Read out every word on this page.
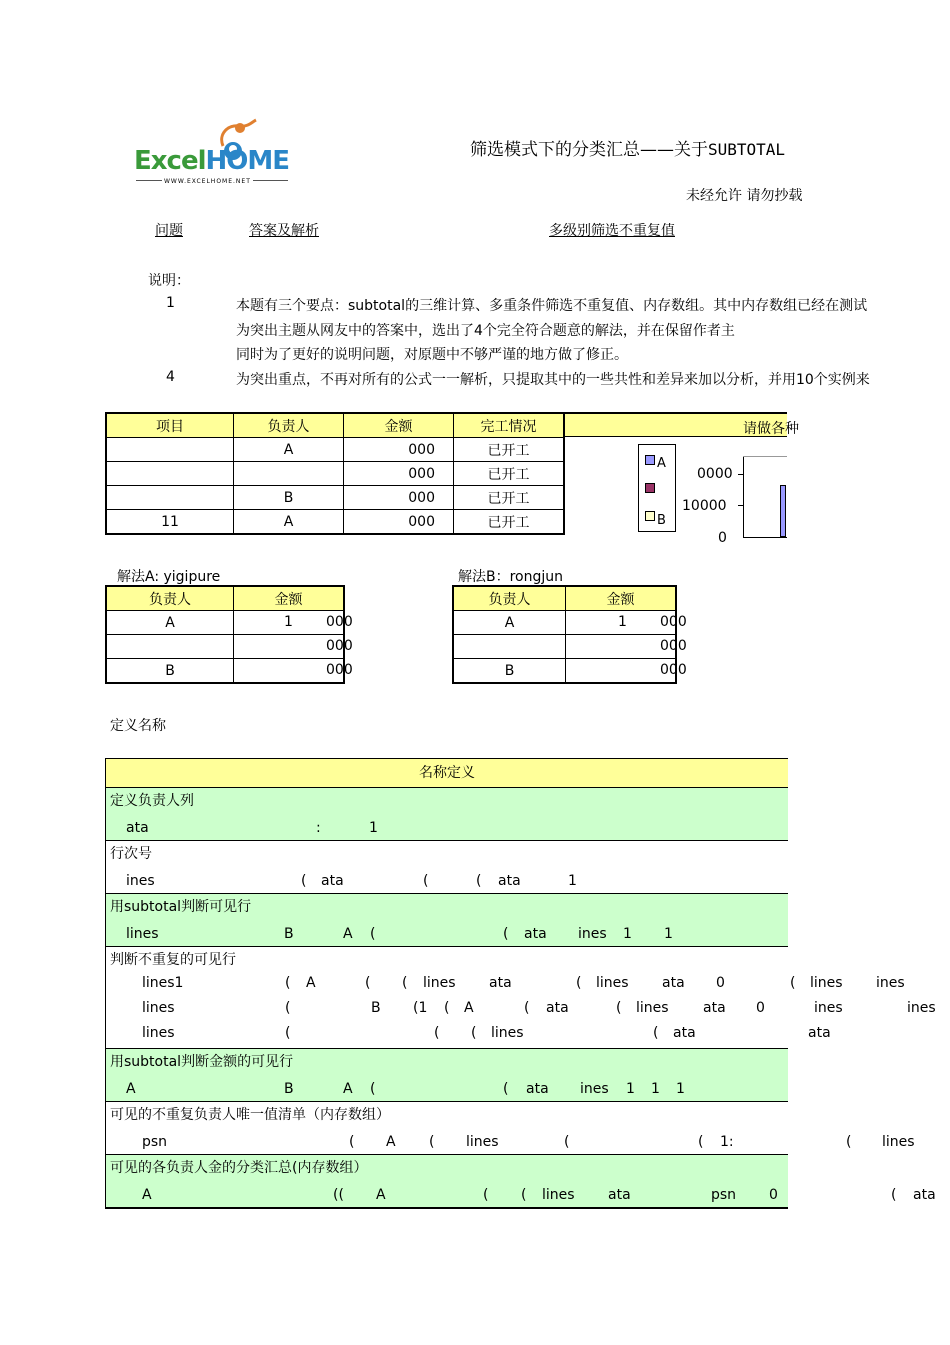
ExcelHOME
WWW.EXCELHOME.NET
筛选模式下的分类汇总——关于SUBTOTAL
未经允许 请勿抄载
问题	答案及解析	多级别筛选不重复值
说明：
1	本题有三个要点：subtotal的三维计算、多重条件筛选不重复值、内存数组。其中内存数组已经在测试
为突出主题从网友中的答案中，选出了4个完全符合题意的解法，并在保留作者主
同时为了更好的说明问题，对原题中不够严谨的地方做了修正。
4	为突出重点，不再对所有的公式一一解析，只提取其中的一些共性和差异来加以分析，并用10个实例来
项目	负责人	金额	完工情况
	A	000	已开工
		000	已开工
	B	000	已开工
11	A	000	已开工
请做各种
A
B
0000
10000
0
解法A: yigipure
负责人	金额
A	1 000

	000

B	000
解法B：rongjun
负责人	金额
A	1 000

	000

B	000
定义名称
名称定义
定义负责人列
ata	:	1
行次号
ines	( ata	(	( ata	1
用subtotal判断可见行
lines	B	A (	( ata ines 1 1
判断不重复的可见行
lines1	( A	( ( lines ata	( lines ata 0	( lines ines
lines	(	B (1 ( A	( ata	( lines ata 0	ines	ines
lines	(	( ( lines	( ata	ata
用subtotal判断金额的可见行
A	B	A (	( ata ines 1 1 1
可见的不重复负责人唯一值清单（内存数组）
psn	( A ( lines	(	( 1:	( lines
可见的各负责人金的分类汇总(内存数组）
A	(( A	( ( lines ata	psn 0	( ata
